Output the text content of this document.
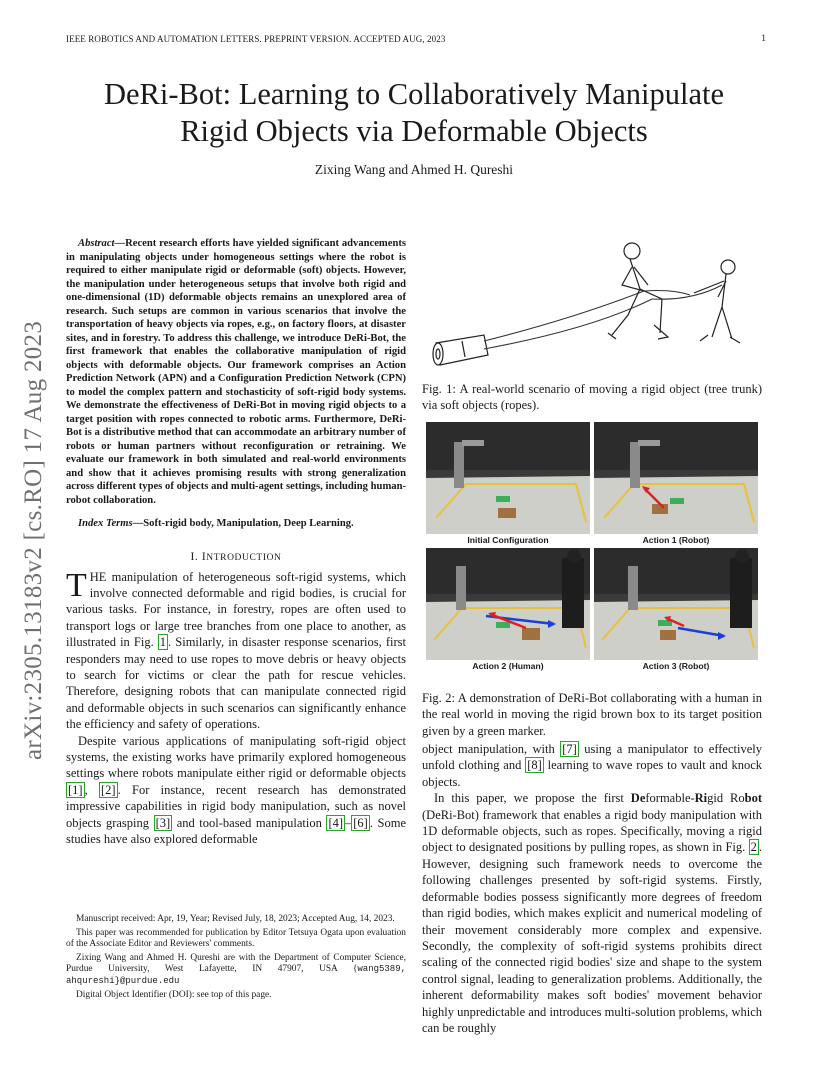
IEEE ROBOTICS AND AUTOMATION LETTERS. PREPRINT VERSION. ACCEPTED AUG, 2023	1
DeRi-Bot: Learning to Collaboratively Manipulate
Rigid Objects via Deformable Objects
Zixing Wang and Ahmed H. Qureshi
arXiv:2305.13183v2 [cs.RO] 17 Aug 2023

Abstract—Recent research efforts have yielded significant advancements in manipulating objects under homogeneous settings where the robot is required to either manipulate rigid or deformable (soft) objects. However, the manipulation under heterogeneous setups that involve both rigid and one-dimensional (1D) deformable objects remains an unexplored area of research. Such setups are common in various scenarios that involve the transportation of heavy objects via ropes, e.g., on factory floors, at disaster sites, and in forestry. To address this challenge, we introduce DeRi-Bot, the first framework that enables the collaborative manipulation of rigid objects with deformable objects. Our framework comprises an Action Prediction Network (APN) and a Configuration Prediction Network (CPN) to model the complex pattern and stochasticity of soft-rigid body systems. We demonstrate the effectiveness of DeRi-Bot in moving rigid objects to a target position with ropes connected to robotic arms. Furthermore, DeRi-Bot is a distributive method that can accommodate an arbitrary number of robots or human partners without reconfiguration or retraining. We evaluate our framework in both simulated and real-world environments and show that it achieves promising results with strong generalization across different types of objects and multi-agent settings, including human-robot collaboration.

Index Terms—Soft-rigid body, Manipulation, Deep Learning.

I. INTRODUCTION

THE manipulation of heterogeneous soft-rigid systems, which involve connected deformable and rigid bodies, is crucial for various tasks. For instance, in forestry, ropes are often used to transport logs or large tree branches from one place to another, as illustrated in Fig. 1 . Similarly, in disaster response scenarios, first responders may need to use ropes to move debris or heavy objects to search for victims or clear the path for rescue vehicles. Therefore, designing robots that can manipulate connected rigid and deformable objects in such scenarios can significantly enhance the efficiency and safety of operations.

Despite various applications of manipulating soft-rigid object systems, the existing works have primarily explored homogeneous settings where robots manipulate either rigid or deformable objects [1] , [2] . For instance, recent research has demonstrated impressive capabilities in rigid body manipulation, such as novel objects grasping [3] and tool-based manipulation [4] – [6] . Some studies have also explored deformable

Manuscript received: Apr, 19, Year; Revised July, 18, 2023; Accepted Aug, 14, 2023.

This paper was recommended for publication by Editor Tetsuya Ogata upon evaluation of the Associate Editor and Reviewers' comments.

Zixing Wang and Ahmed H. Qureshi are with the Department of Computer Science, Purdue University, West Lafayette, IN 47907, USA {wang5389, ahqureshi}@purdue.edu

Digital Object Identifier (DOI): see top of this page.

Fig. 1: A real-world scenario of moving a rigid object (tree trunk) via soft objects (ropes).

Initial Configuration	Action 1 (Robot)
Action 2 (Human)	Action 3 (Robot)

Fig. 2: A demonstration of DeRi-Bot collaborating with a human in the real world in moving the rigid brown box to its target position given by a green marker.

object manipulation, with [7] using a manipulator to effectively unfold clothing and [8] learning to wave ropes to vault and knock objects.

In this paper, we propose the first Deformable-Rigid Robot (DeRi-Bot) framework that enables a rigid body manipulation with 1D deformable objects, such as ropes. Specifically, moving a rigid object to designated positions by pulling ropes, as shown in Fig. 2 . However, designing such framework needs to overcome the following challenges presented by soft-rigid systems. Firstly, deformable bodies possess significantly more degrees of freedom than rigid bodies, which makes explicit and numerical modeling of their movement considerably more complex and expensive. Secondly, the complexity of soft-rigid systems prohibits direct scaling of the connected rigid bodies' size and shape to the system control signal, leading to generalization problems. Additionally, the inherent deformability makes soft bodies' movement behavior highly unpredictable and introduces multi-solution problems, which can be roughly
